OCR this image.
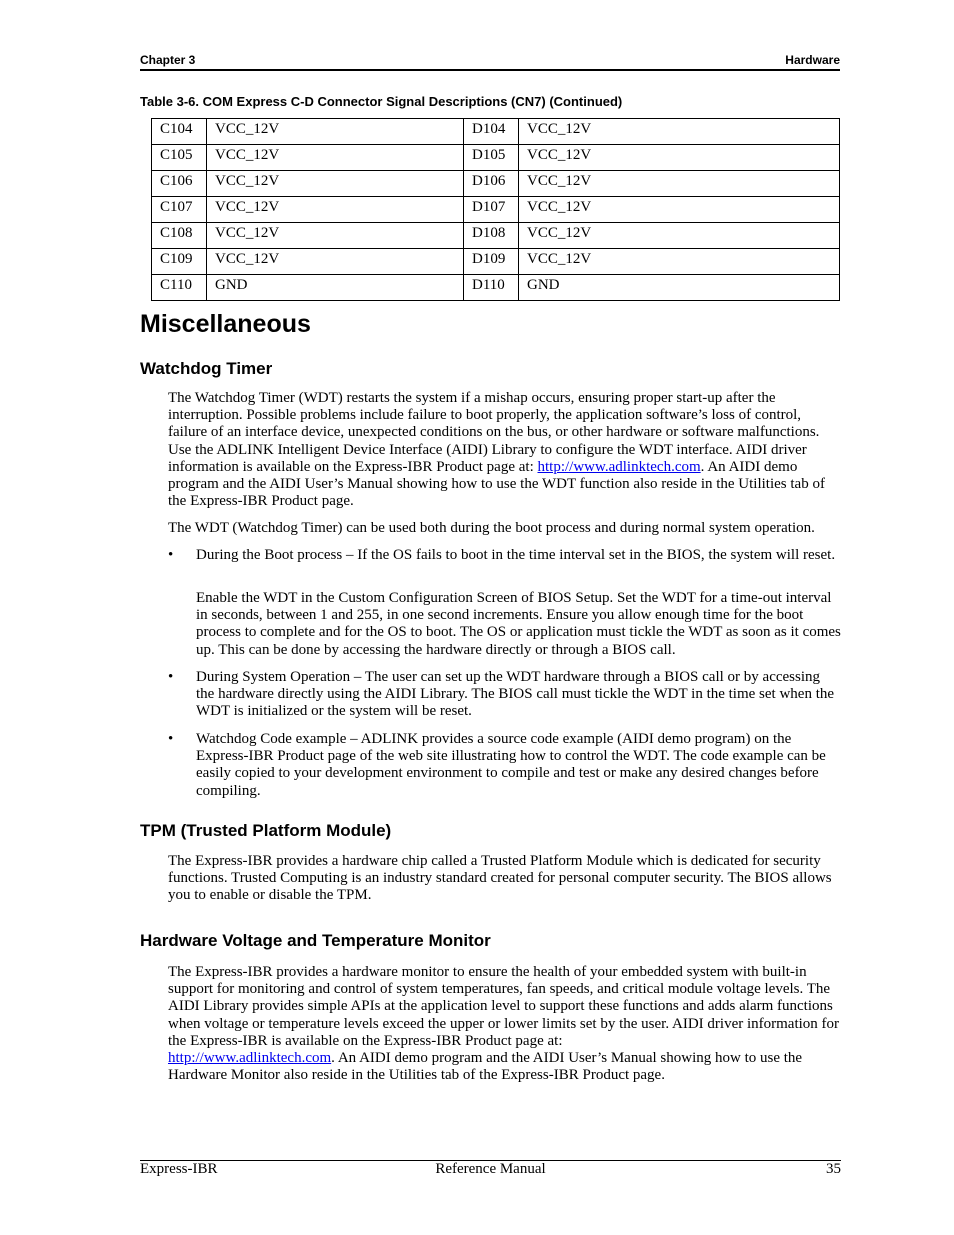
Chapter 3	Hardware
Table 3-6. COM Express C-D Connector Signal Descriptions (CN7) (Continued)
C104	VCC_12V	D104	VCC_12V
C105	VCC_12V	D105	VCC_12V
C106	VCC_12V	D106	VCC_12V
C107	VCC_12V	D107	VCC_12V
C108	VCC_12V	D108	VCC_12V
C109	VCC_12V	D109	VCC_12V
C110	GND	D110	GND
Miscellaneous
Watchdog Timer

The Watchdog Timer (WDT) restarts the system if a mishap occurs, ensuring proper start-up after the interruption. Possible problems include failure to boot properly, the application software’s loss of control, failure of an interface device, unexpected conditions on the bus, or other hardware or software malfunctions. Use the ADLINK Intelligent Device Interface (AIDI) Library to configure the WDT interface. AIDI driver information is available on the Express-IBR Product page at: http://www.adlinktech.com. An AIDI demo program and the AIDI User’s Manual showing how to use the WDT function also reside in the Utilities tab of the Express-IBR Product page.

The WDT (Watchdog Timer) can be used both during the boot process and during normal system operation.

• During the Boot process – If the OS fails to boot in the time interval set in the BIOS, the system will reset.

Enable the WDT in the Custom Configuration Screen of BIOS Setup. Set the WDT for a time-out interval in seconds, between 1 and 255, in one second increments. Ensure you allow enough time for the boot process to complete and for the OS to boot. The OS or application must tickle the WDT as soon as it comes up. This can be done by accessing the hardware directly or through a BIOS call.

• During System Operation – The user can set up the WDT hardware through a BIOS call or by accessing the hardware directly using the AIDI Library. The BIOS call must tickle the WDT in the time set when the WDT is initialized or the system will be reset.

• Watchdog Code example – ADLINK provides a source code example (AIDI demo program) on the Express-IBR Product page of the web site illustrating how to control the WDT. The code example can be easily copied to your development environment to compile and test or make any desired changes before compiling.

TPM (Trusted Platform Module)

The Express-IBR provides a hardware chip called a Trusted Platform Module which is dedicated for security functions. Trusted Computing is an industry standard created for personal computer security. The BIOS allows you to enable or disable the TPM.

Hardware Voltage and Temperature Monitor

The Express-IBR provides a hardware monitor to ensure the health of your embedded system with built-in support for monitoring and control of system temperatures, fan speeds, and critical module voltage levels. The AIDI Library provides simple APIs at the application level to support these functions and adds alarm functions when voltage or temperature levels exceed the upper or lower limits set by the user. AIDI driver information for the Express-IBR is available on the Express-IBR Product page at:
http://www.adlinktech.com. An AIDI demo program and the AIDI User’s Manual showing how to use the Hardware Monitor also reside in the Utilities tab of the Express-IBR Product page.

Express-IBR	Reference Manual	35
